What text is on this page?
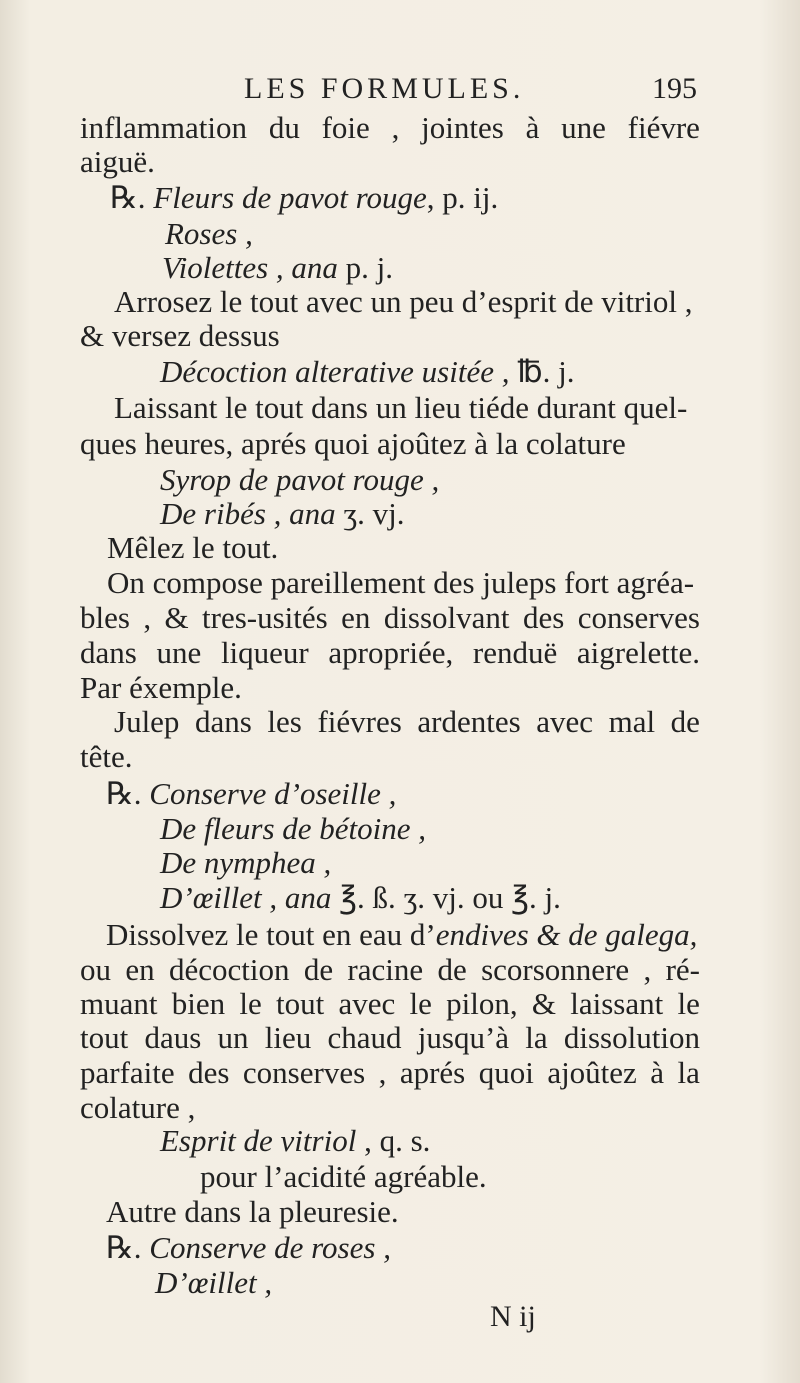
LES FORMULES.	195
inflammation du foie , jointes à une fiévre
aiguë.
℞. Fleurs de pavot rouge, p. ij.
Roses ,
Violettes , ana p. j.
Arrosez le tout avec un peu d’esprit de vitriol ,
& versez dessus
Décoction alterative usitée , ℔. j.
Laissant le tout dans un lieu tiéde durant quel-
ques heures, aprés quoi ajoûtez à la colature
Syrop de pavot rouge ,
De ribés , ana ʒ. vj.
Mêlez le tout.
On compose pareillement des juleps fort agréa-
bles , & tres-usités en dissolvant des conserves
dans une liqueur apropriée, renduë aigrelette.
Par éxemple.
Julep dans les fiévres ardentes avec mal de
tête.
℞. Conserve d’oseille ,
De fleurs de bétoine ,
De nymphea ,
D’œillet , ana ℥. ß. ʒ. vj. ou ℥. j.
Dissolvez le tout en eau d’endives & de galega,
ou en décoction de racine de scorsonnere , ré-
muant bien le tout avec le pilon, & laissant le
tout daus un lieu chaud jusqu’à la dissolution
parfaite des conserves , aprés quoi ajoûtez à la
colature ,
Esprit de vitriol , q. s.
pour l’acidité agréable.
Autre dans la pleuresie.
℞. Conserve de roses ,
D’œillet ,
N ij
